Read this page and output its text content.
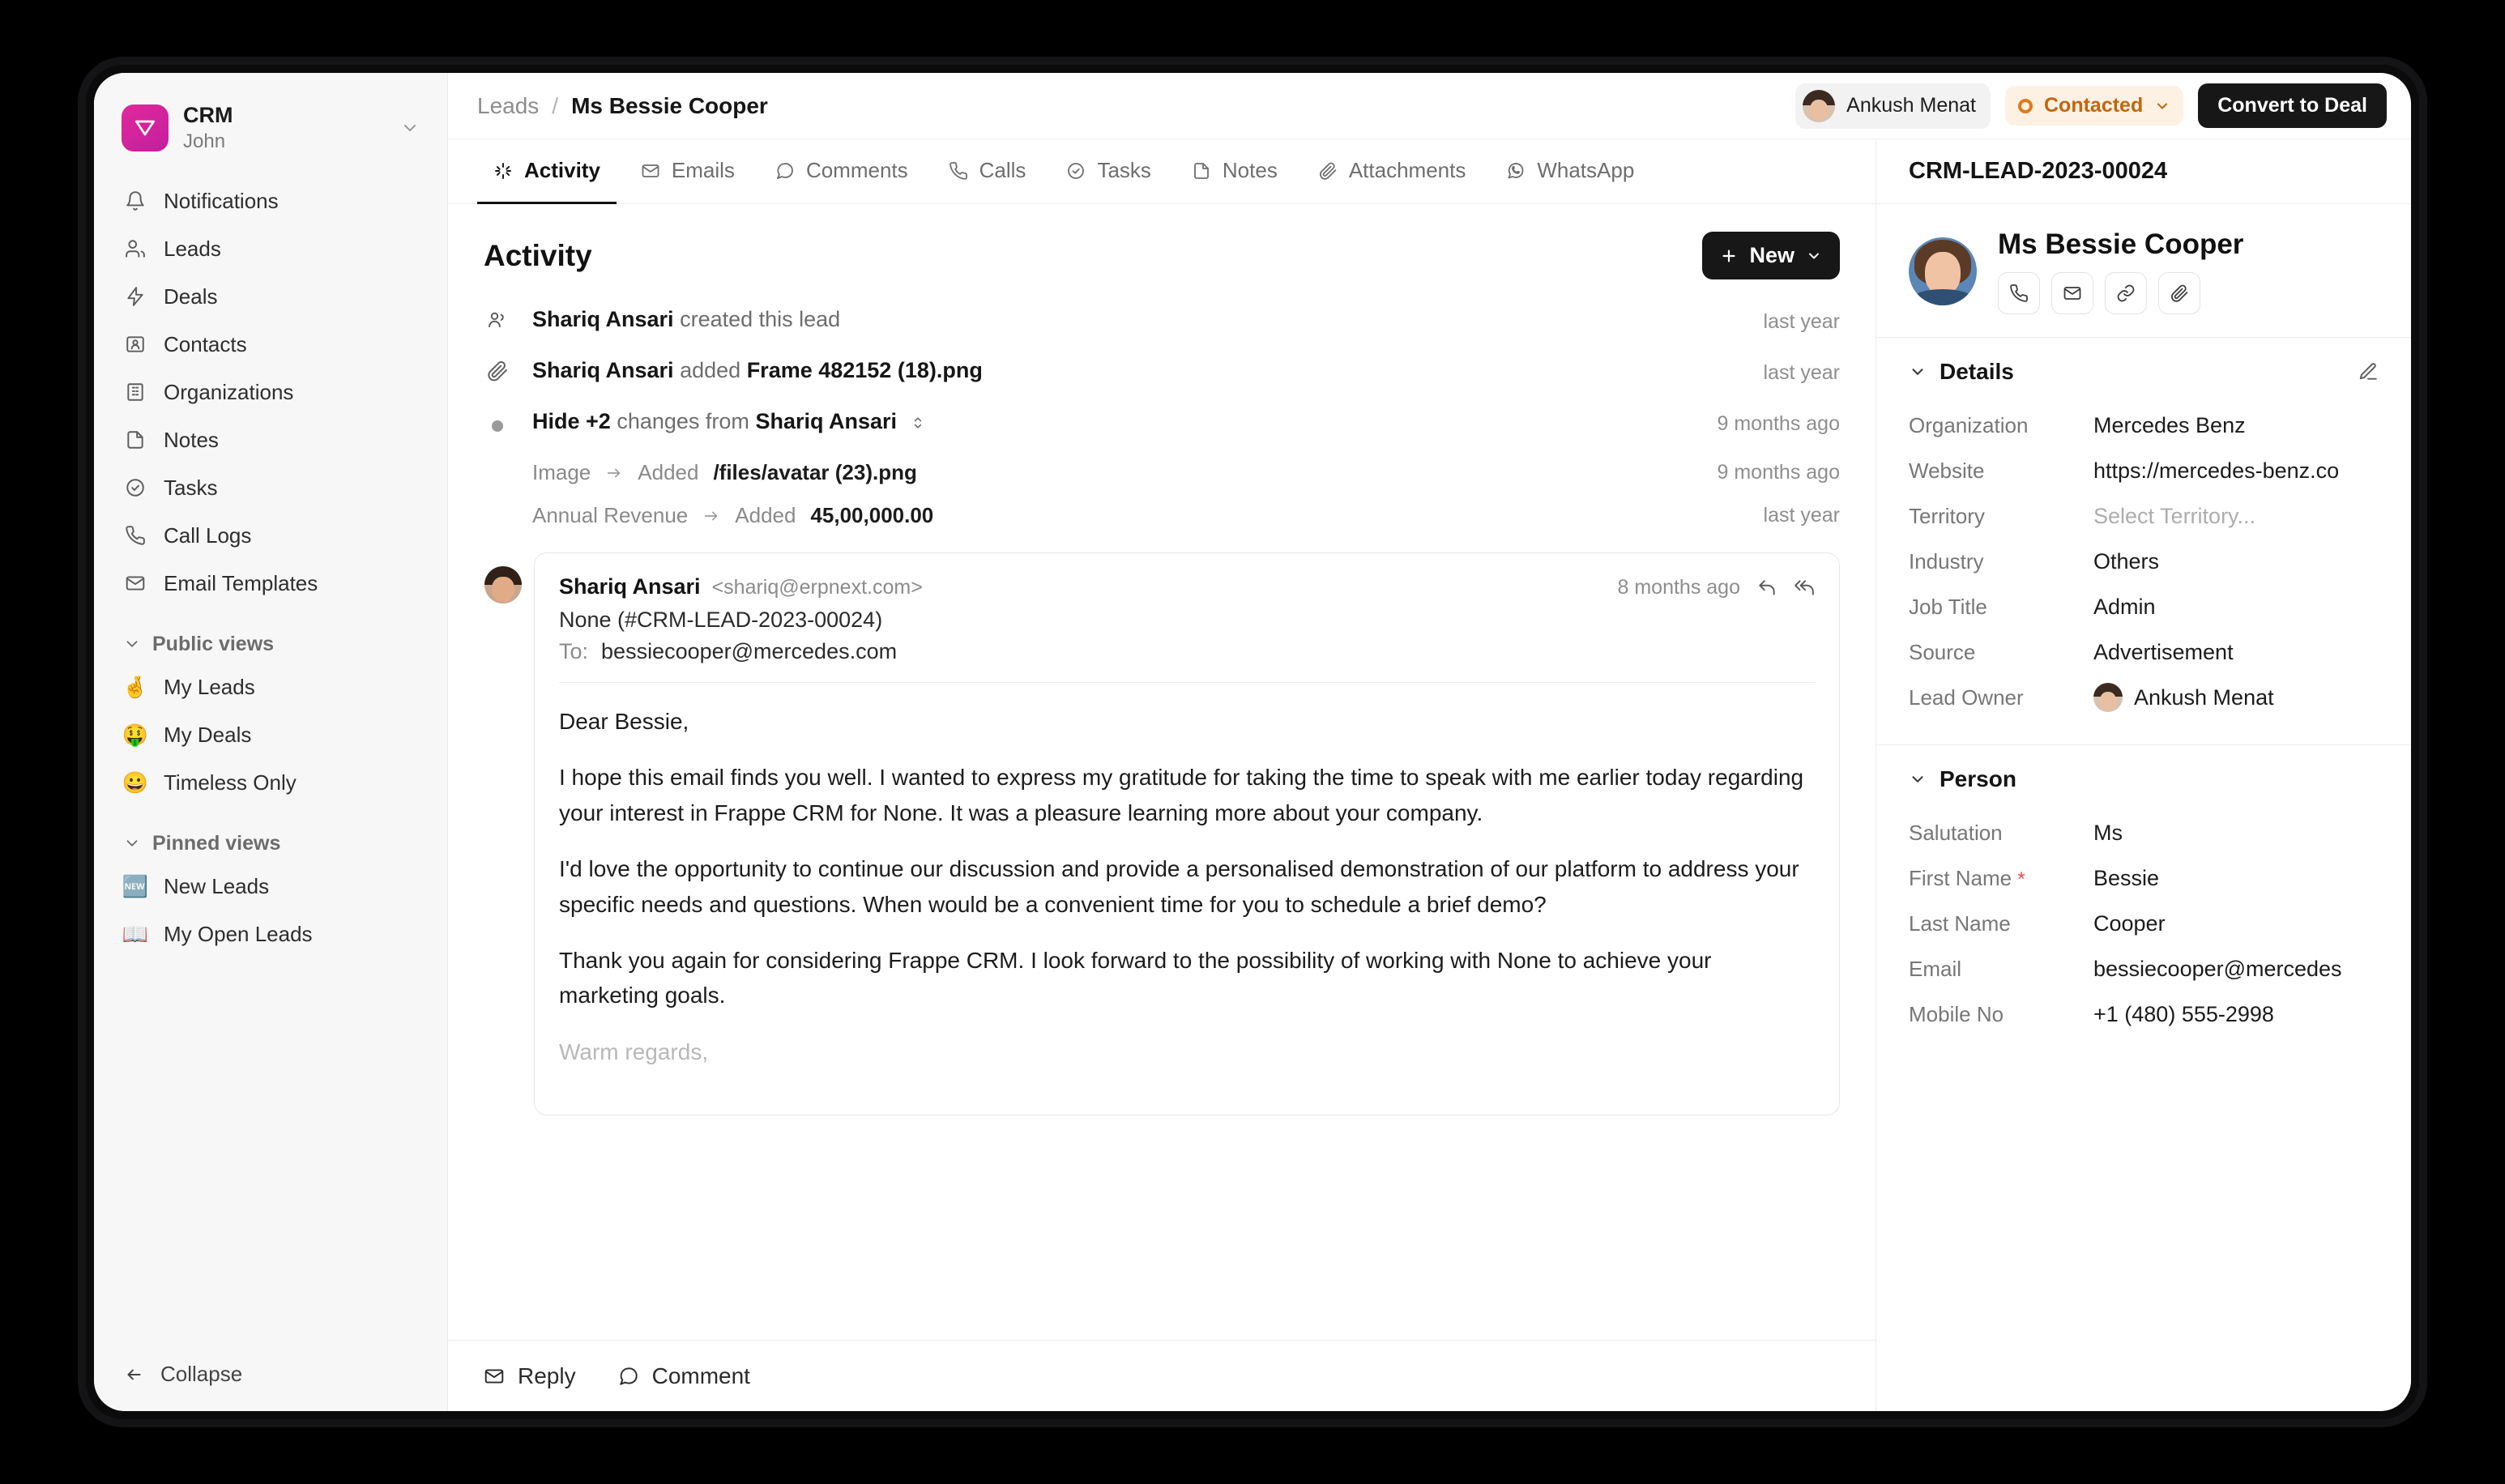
CRM
John
Notifications
Leads
Deals
Contacts
Organizations
Notes
Tasks
Call Logs
Email Templates
Public views
🤞 My Leads
🤑 My Deals
😀 Timeless Only
Pinned views
🆕 New Leads
📖 My Open Leads
Collapse
Leads / Ms Bessie Cooper	Ankush Menat	Contacted	Convert to Deal
Activity	Emails	Comments	Calls	Tasks	Notes	Attachments	WhatsApp
Activity	New
Shariq Ansari created this lead	last year
Shariq Ansari added Frame 482152 (18).png	last year
Hide +2 changes from Shariq Ansari	9 months ago
Image Added /files/avatar (23).png	9 months ago
Annual Revenue Added 45,00,000.00	last year
Shariq Ansari <shariq@erpnext.com>	8 months ago
None (#CRM-LEAD-2023-00024)
To: bessiecooper@mercedes.com
Dear Bessie,
I hope this email finds you well. I wanted to express my gratitude for taking the time to speak with me earlier today regarding your interest in Frappe CRM for None. It was a pleasure learning more about your company.
I'd love the opportunity to continue our discussion and provide a personalised demonstration of our platform to address your specific needs and questions. When would be a convenient time for you to schedule a brief demo?
Thank you again for considering Frappe CRM. I look forward to the possibility of working with None to achieve your marketing goals.
Warm regards,
Reply	Comment
CRM-LEAD-2023-00024
Ms Bessie Cooper
Details
Organization	Mercedes Benz
Website	https://mercedes-benz.co
Territory	Select Territory...
Industry	Others
Job Title	Admin
Source	Advertisement
Lead Owner	Ankush Menat
Person
Salutation	Ms
First Name *	Bessie
Last Name	Cooper
Email	bessiecooper@mercedes
Mobile No	+1 (480) 555-2998
